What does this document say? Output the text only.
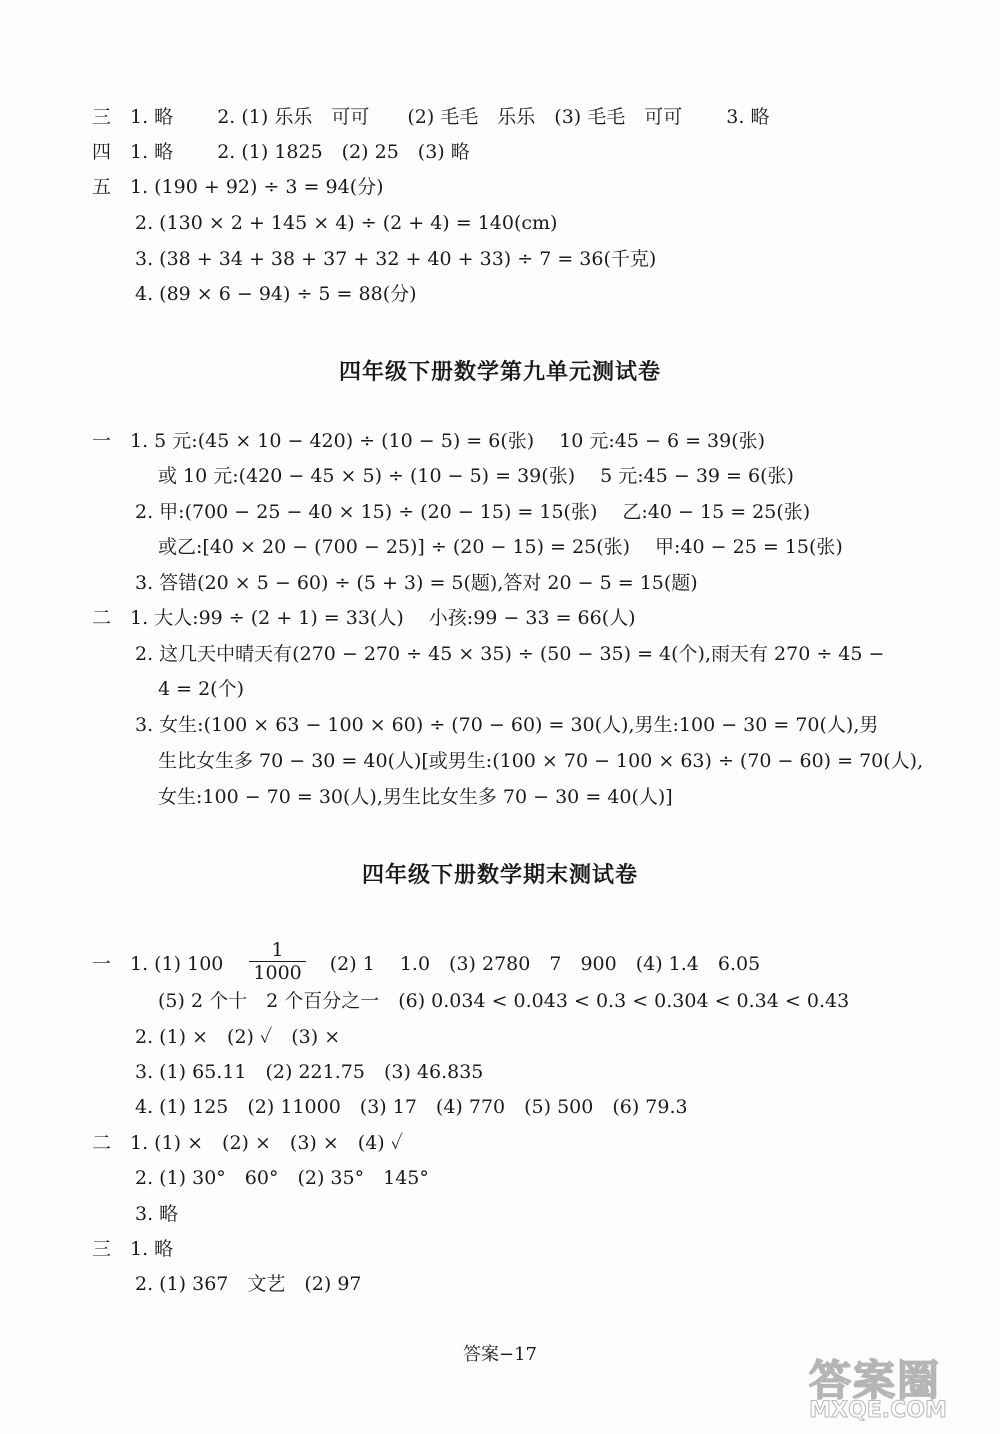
三　1. 略　　 2. (1) 乐乐　可可　　(2) 毛毛　乐乐　(3) 毛毛　可可　　 3. 略
四　1. 略　　 2. (1) 1825　(2) 25　(3) 略
五　1. (190 + 92) ÷ 3 = 94(分)
2. (130 × 2 + 145 × 4) ÷ (2 + 4) = 140(cm)
3. (38 + 34 + 38 + 37 + 32 + 40 + 33) ÷ 7 = 36(千克)
4. (89 × 6 − 94) ÷ 5 = 88(分)
四年级下册数学第九单元测试卷
一　1. 5 元:(45 × 10 − 420) ÷ (10 − 5) = 6(张)　 10 元:45 − 6 = 39(张)
或 10 元:(420 − 45 × 5) ÷ (10 − 5) = 39(张)　 5 元:45 − 39 = 6(张)
2. 甲:(700 − 25 − 40 × 15) ÷ (20 − 15) = 15(张)　 乙:40 − 15 = 25(张)
或乙:[40 × 20 − (700 − 25)] ÷ (20 − 15) = 25(张)　 甲:40 − 25 = 15(张)
3. 答错(20 × 5 − 60) ÷ (5 + 3) = 5(题),答对 20 − 5 = 15(题)
二　1. 大人:99 ÷ (2 + 1) = 33(人)　 小孩:99 − 33 = 66(人)
2. 这几天中晴天有(270 − 270 ÷ 45 × 35) ÷ (50 − 35) = 4(个),雨天有 270 ÷ 45 −
4 = 2(个)
3. 女生:(100 × 63 − 100 × 60) ÷ (70 − 60) = 30(人),男生:100 − 30 = 70(人),男
生比女生多 70 − 30 = 40(人)[或男生:(100 × 70 − 100 × 63) ÷ (70 − 60) = 70(人),
女生:100 − 70 = 30(人),男生比女生多 70 − 30 = 40(人)]
四年级下册数学期末测试卷
一　1. (1) $100 \frac{1}{1000} (2)$ 1　 1.0　(3) 2780　7　900　(4) 1.4　6.05
(5) 2 个十　2 个百分之一　(6) 0.034 < 0.043 < 0.3 < 0.304 < 0.34 < 0.43
2. (1) ×　(2) ✓　(3) ×
3. (1) 65.11　(2) 221.75　(3) 46.835
4. (1) 125　(2) 11000　(3) 17　(4) 770　(5) 500　(6) 79.3
二　1. (1) ×　(2) ×　(3) ×　(4) ✓
2. (1) 30°　60°　(2) 35°　145°
3. 略
三　1. 略
2. (1) 367　文艺　(2) 97
答案−17
答案圈
MXQE.COM
